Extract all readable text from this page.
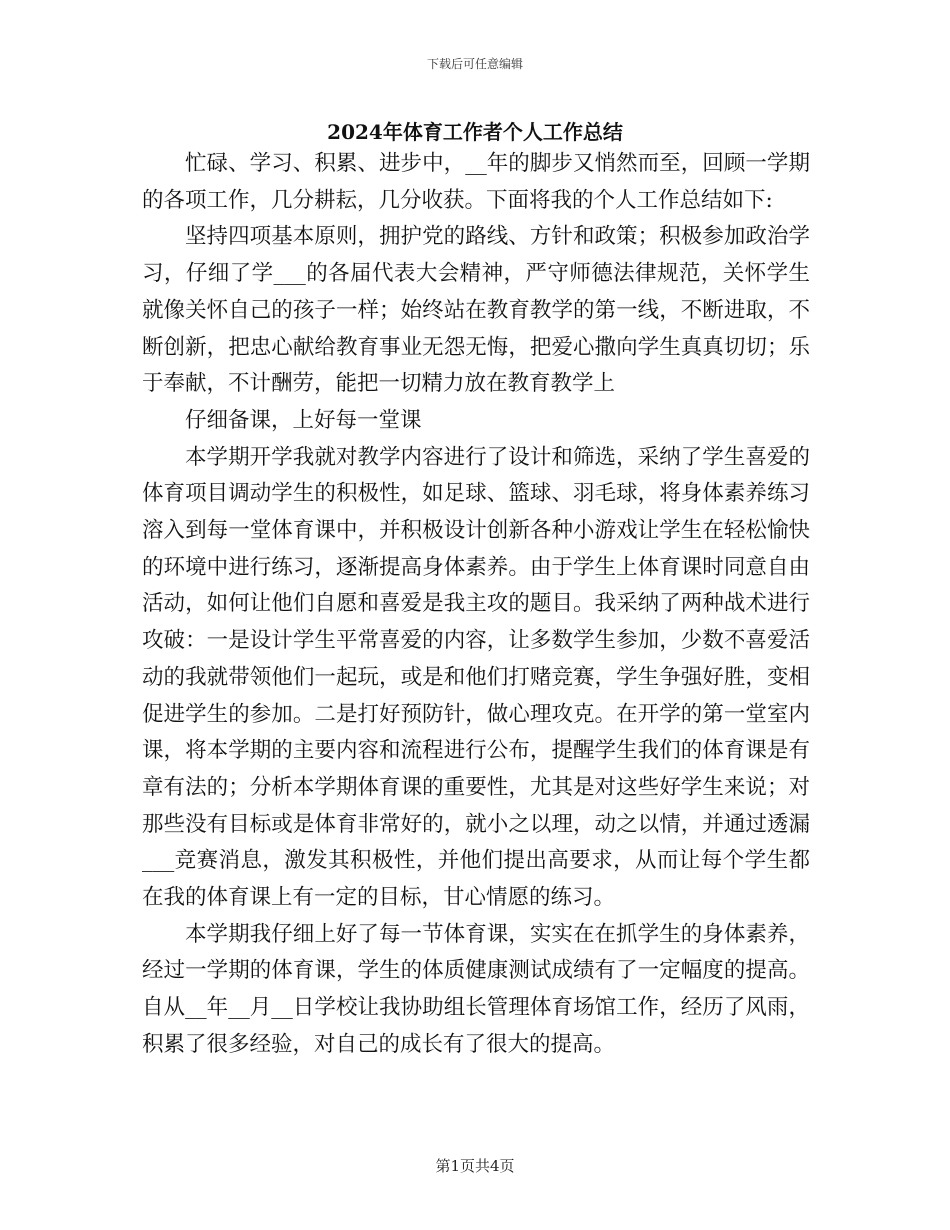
下载后可任意编辑
2024年体育工作者个人工作总结

忙碌、学习、积累、进步中，__年的脚步又悄然而至，回顾一学期的各项工作，几分耕耘，几分收获。下面将我的个人工作总结如下:

坚持四项基本原则，拥护党的路线、方针和政策；积极参加政治学习，仔细了学___的各届代表大会精神，严守师德法律规范，关怀学生就像关怀自己的孩子一样；始终站在教育教学的第一线，不断进取，不断创新，把忠心献给教育事业无怨无悔，把爱心撒向学生真真切切；乐于奉献，不计酬劳，能把一切精力放在教育教学上

仔细备课，上好每一堂课

本学期开学我就对教学内容进行了设计和筛选，采纳了学生喜爱的体育项目调动学生的积极性，如足球、篮球、羽毛球，将身体素养练习溶入到每一堂体育课中，并积极设计创新各种小游戏让学生在轻松愉快的环境中进行练习，逐渐提高身体素养。由于学生上体育课时同意自由活动，如何让他们自愿和喜爱是我主攻的题目。我采纳了两种战术进行攻破：一是设计学生平常喜爱的内容，让多数学生参加，少数不喜爱活动的我就带领他们一起玩，或是和他们打赌竞赛，学生争强好胜，变相促进学生的参加。二是打好预防针，做心理攻克。在开学的第一堂室内课，将本学期的主要内容和流程进行公布，提醒学生我们的体育课是有章有法的；分析本学期体育课的重要性，尤其是对这些好学生来说；对那些没有目标或是体育非常好的，就小之以理，动之以情，并通过透漏___竞赛消息，激发其积极性，并他们提出高要求，从而让每个学生都在我的体育课上有一定的目标，甘心情愿的练习。

本学期我仔细上好了每一节体育课，实实在在抓学生的身体素养，经过一学期的体育课，学生的体质健康测试成绩有了一定幅度的提高。自从__年__月__日学校让我协助组长管理体育场馆工作，经历了风雨，积累了很多经验，对自己的成长有了很大的提高。

第1页共4页
